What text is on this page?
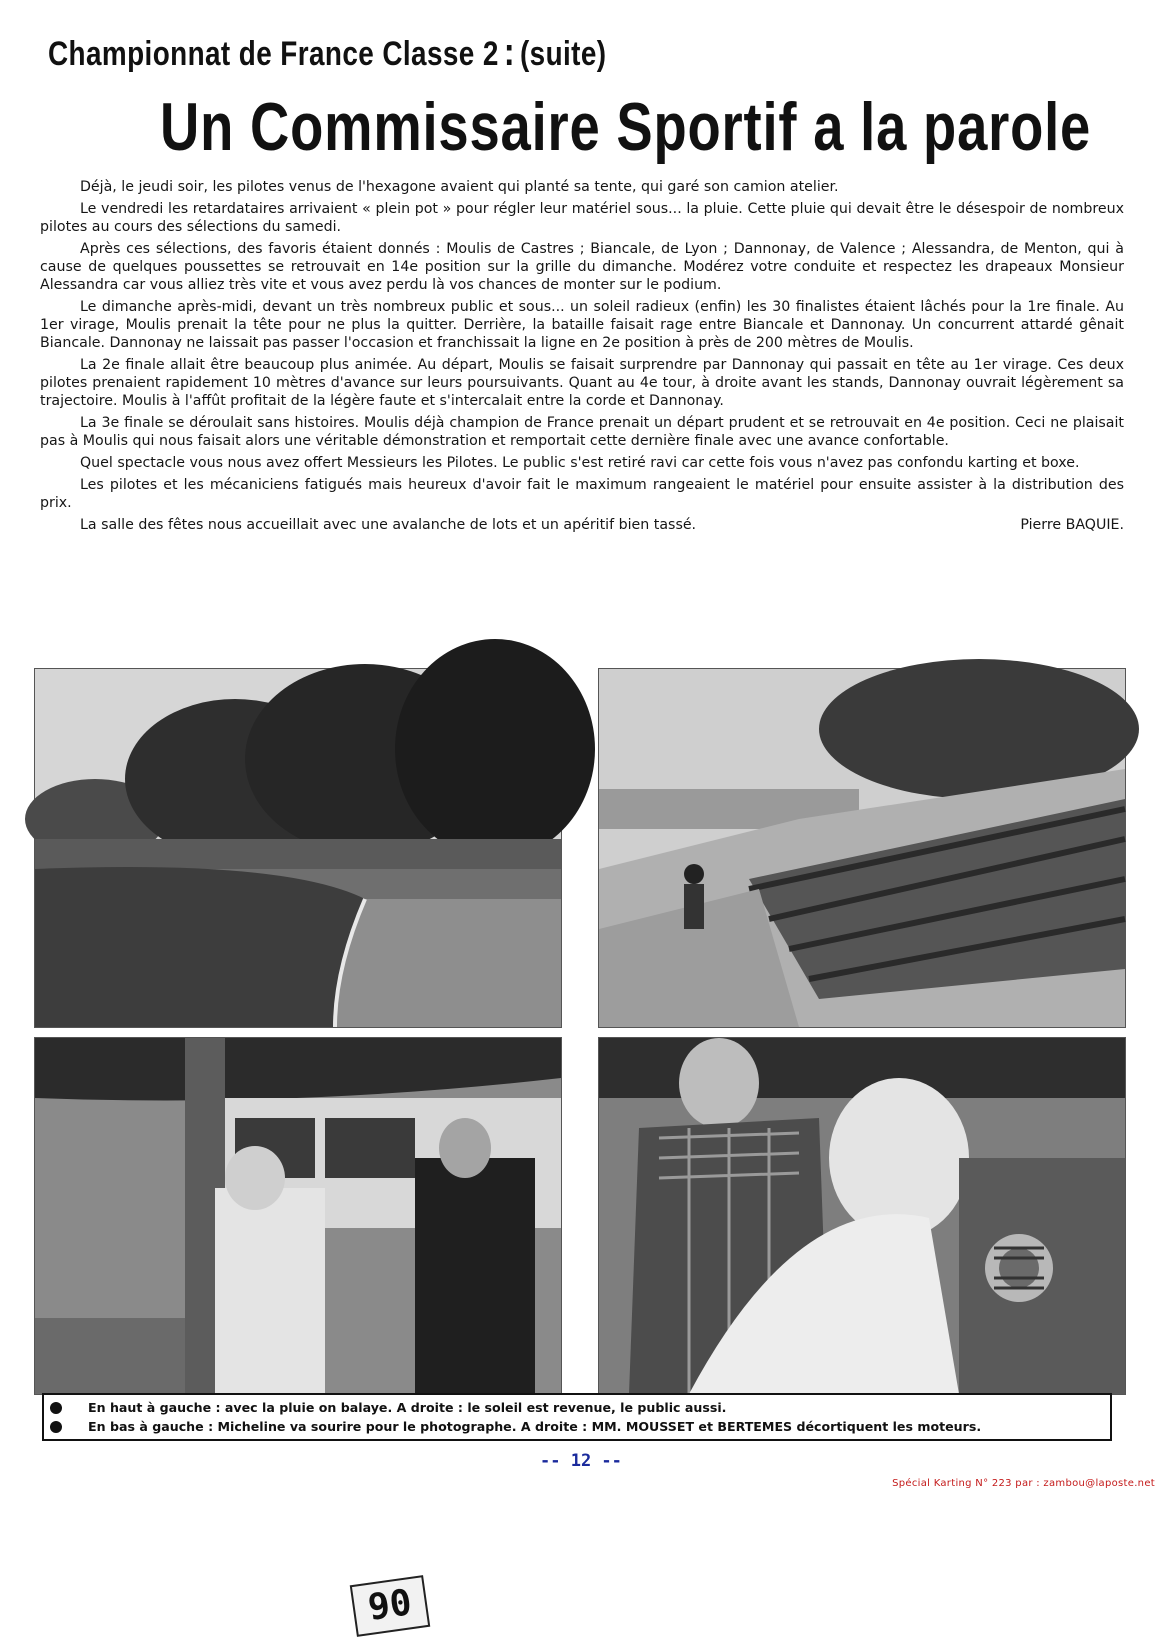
Championnat de France Classe 2 : (suite)
Un Commissaire Sportif a la parole

Déjà, le jeudi soir, les pilotes venus de l'hexagone avaient qui planté sa tente, qui garé son camion atelier.

Le vendredi les retardataires arrivaient « plein pot » pour régler leur matériel sous... la pluie. Cette pluie qui devait être le désespoir de nombreux pilotes au cours des sélections du samedi.

Après ces sélections, des favoris étaient donnés : Moulis de Castres ; Biancale, de Lyon ; Dannonay, de Valence ; Alessandra, de Menton, qui à cause de quelques poussettes se retrouvait en 14e position sur la grille du dimanche. Modérez votre conduite et respectez les drapeaux Monsieur Alessandra car vous alliez très vite et vous avez perdu là vos chances de monter sur le podium.

Le dimanche après-midi, devant un très nombreux public et sous... un soleil radieux (enfin) les 30 finalistes étaient lâchés pour la 1re finale. Au 1er virage, Moulis prenait la tête pour ne plus la quitter. Derrière, la bataille faisait rage entre Biancale et Dannonay. Un concurrent attardé gênait Biancale. Dannonay ne laissait pas passer l'occasion et franchissait la ligne en 2e position à près de 200 mètres de Moulis.

La 2e finale allait être beaucoup plus animée. Au départ, Moulis se faisait surprendre par Dannonay qui passait en tête au 1er virage. Ces deux pilotes prenaient rapidement 10 mètres d'avance sur leurs poursuivants. Quant au 4e tour, à droite avant les stands, Dannonay ouvrait légèrement sa trajectoire. Moulis à l'affût profitait de la légère faute et s'intercalait entre la corde et Dannonay.

La 3e finale se déroulait sans histoires. Moulis déjà champion de France prenait un départ prudent et se retrouvait en 4e position. Ceci ne plaisait pas à Moulis qui nous faisait alors une véritable démonstration et remportait cette dernière finale avec une avance confortable.

Quel spectacle vous nous avez offert Messieurs les Pilotes. Le public s'est retiré ravi car cette fois vous n'avez pas confondu karting et boxe.

Les pilotes et les mécaniciens fatigués mais heureux d'avoir fait le maximum rangeaient le matériel pour ensuite assister à la distribution des prix.

La salle des fêtes nous accueillait avec une avalanche de lots et un apéritif bien tassé.	Pierre BAQUIE.

90
En haut à gauche : avec la pluie on balaye. A droite : le soleil est revenue, le public aussi.
En bas à gauche : Micheline va sourire pour le photographe. A droite : MM. MOUSSET et BERTEMES décortiquent les moteurs.
-- 12 --
Spécial Karting N° 223 par : zambou@laposte.net
